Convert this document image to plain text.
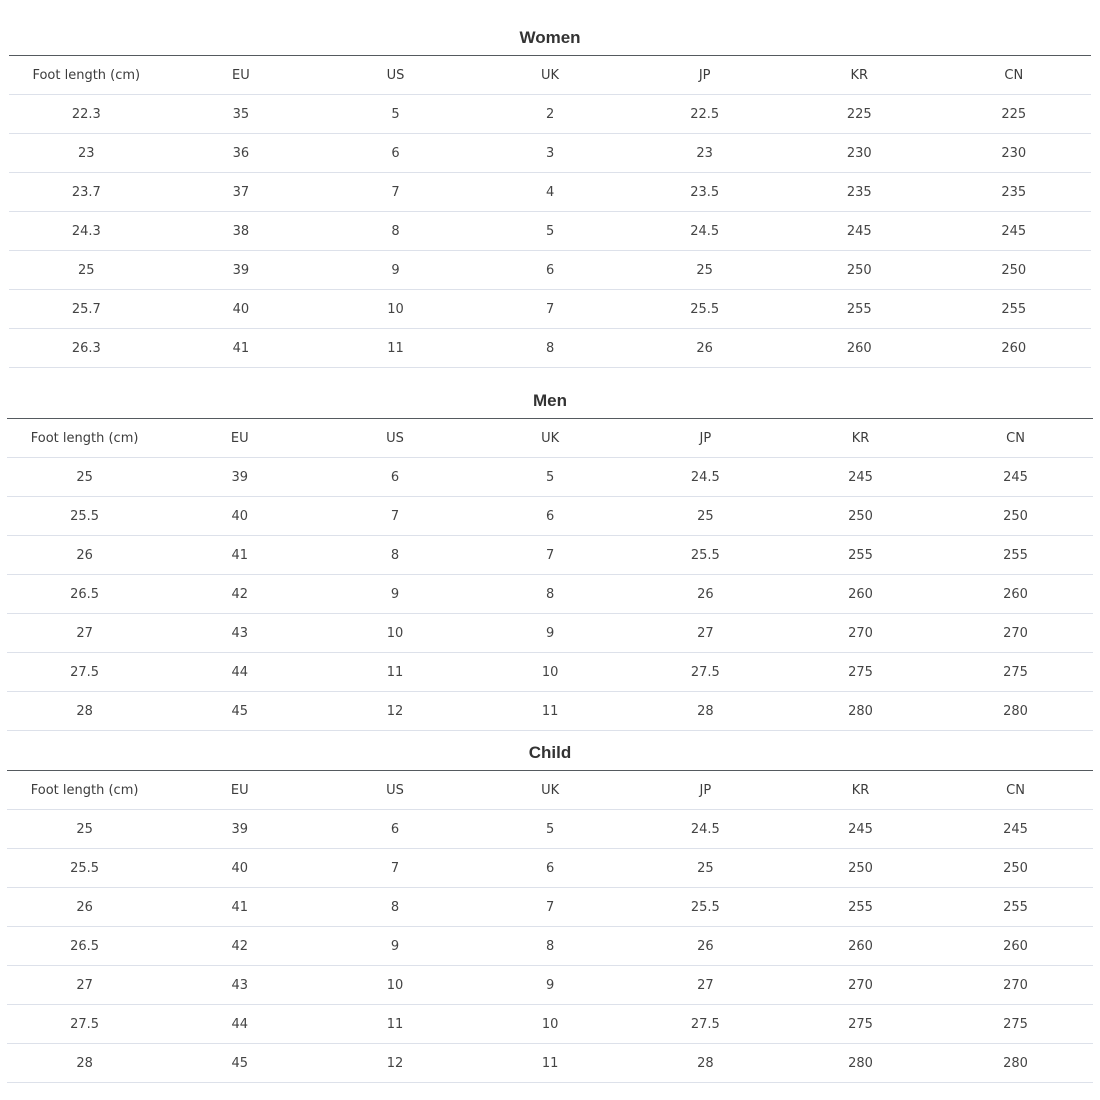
Women
Foot length (cm)	EU	US	UK	JP	KR	CN
22.3	35	5	2	22.5	225	225
23	36	6	3	23	230	230
23.7	37	7	4	23.5	235	235
24.3	38	8	5	24.5	245	245
25	39	9	6	25	250	250
25.7	40	10	7	25.5	255	255
26.3	41	11	8	26	260	260
Men
Foot length (cm)	EU	US	UK	JP	KR	CN
25	39	6	5	24.5	245	245
25.5	40	7	6	25	250	250
26	41	8	7	25.5	255	255
26.5	42	9	8	26	260	260
27	43	10	9	27	270	270
27.5	44	11	10	27.5	275	275
28	45	12	11	28	280	280
Child
Foot length (cm)	EU	US	UK	JP	KR	CN
25	39	6	5	24.5	245	245
25.5	40	7	6	25	250	250
26	41	8	7	25.5	255	255
26.5	42	9	8	26	260	260
27	43	10	9	27	270	270
27.5	44	11	10	27.5	275	275
28	45	12	11	28	280	280
